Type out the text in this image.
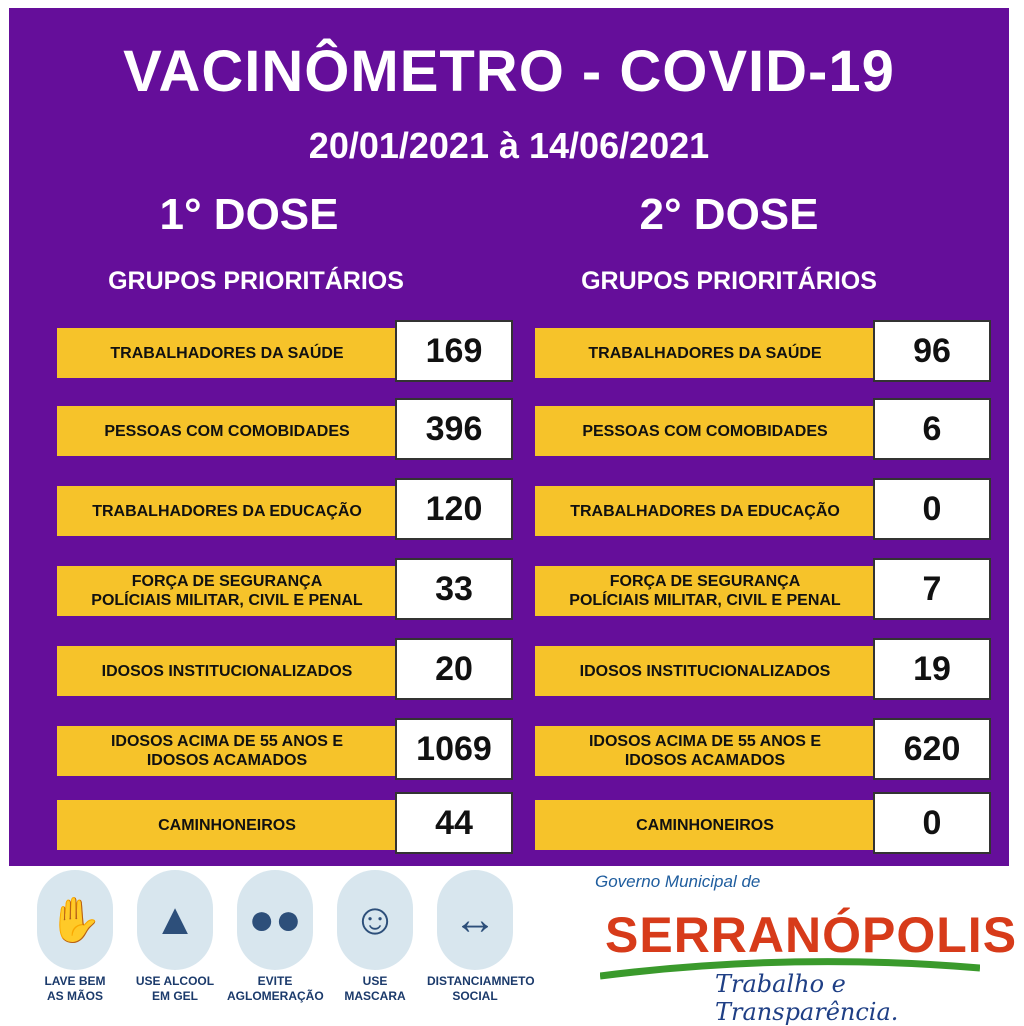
VACINÔMETRO - COVID-19
20/01/2021 à 14/06/2021
1° DOSE	2° DOSE
GRUPOS PRIORITÁRIOS	GRUPOS PRIORITÁRIOS
TRABALHADORES DA SAÚDE	169
PESSOAS COM COMOBIDADES	396
TRABALHADORES DA EDUCAÇÃO	120
FORÇA DE SEGURANÇA
POLÍCIAIS MILITAR, CIVIL E PENAL	33
IDOSOS INSTITUCIONALIZADOS	20
IDOSOS ACIMA DE 55 ANOS E
IDOSOS ACAMADOS	1069
CAMINHONEIROS	44
TRABALHADORES DA SAÚDE	96
PESSOAS COM COMOBIDADES	6
TRABALHADORES DA EDUCAÇÃO	0
FORÇA DE SEGURANÇA
POLÍCIAIS MILITAR, CIVIL E PENAL	7
IDOSOS INSTITUCIONALIZADOS	19
IDOSOS ACIMA DE 55 ANOS E
IDOSOS ACAMADOS	620
CAMINHONEIROS	0
✋
LAVE BEM
AS MÃOS
▲
USE ALCOOL
EM GEL
●●
EVITE
AGLOMERAÇÃO
☺
USE
MASCARA
↔
DISTANCIAMNETO
SOCIAL
Governo Municipal de
SERRANÓPOLIS
Trabalho e Transparência.
